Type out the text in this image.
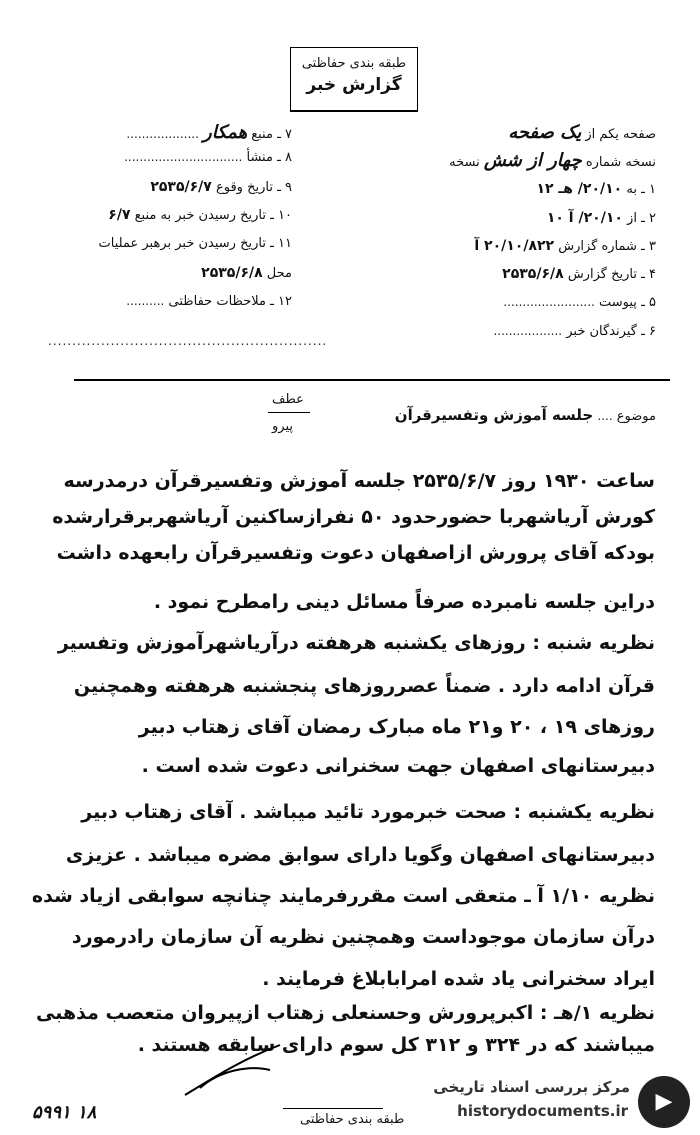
طبقه بندی حفاظتی
گزارش خبر
صفحه یکم از یک صفحه
نسخه شماره چهار از شش نسخه
۱ ـ به ۲۰/۱۰/ هـ ۱۲
۲ ـ از ۲۰/۱۰/ آ ۱۰
۳ ـ شماره گزارش ۲۰/۱۰/۸۲۲ آ
۴ ـ تاریخ گزارش ۲۵۳۵/۶/۸
۵ ـ پیوست ........................
۶ ـ گیرندگان خبر ..................
۷ ـ منبع همکار ...................
۸ ـ منشأ ...............................
۹ ـ تاریخ وقوع ۲۵۳۵/۶/۷
۱۰ ـ تاریخ رسیدن خبر به منبع ۶/۷
۱۱ ـ تاریخ رسیدن خبر برهبر عملیات
محل ۲۵۳۵/۶/۸
۱۲ ـ ملاحظات حفاظتی ..........
..........................................................
عطف
پیرو
موضوع .... جلسه آموزش وتفسیرقرآن
ساعت ۱۹۳۰ روز ۲۵۳۵/۶/۷ جلسه آموزش وتفسیرقرآن درمدرسه
کورش آریاشهربا حضورحدود ۵۰ نفرازساکنین آریاشهربرقرارشده
بودکه آقای پرورش ازاصفهان دعوت وتفسیرقرآن رابعهده داشت
دراین جلسه نامبرده صرفاً مسائل دینی رامطرح نمود .
نظریه شنبه : روزهای یکشنبه هرهفته درآریاشهرآموزش وتفسیر
قرآن ادامه دارد . ضمناً عصرروزهای پنجشنبه هرهفته وهمچنین
روزهای ۱۹ ، ۲۰ و۲۱ ماه مبارک رمضان آقای زهتاب دبیر
دبیرستانهای اصفهان جهت سخنرانی دعوت شده است .
نظریه یکشنبه : صحت خبرمورد تائید میباشد . آقای زهتاب دبیر
دبیرستانهای اصفهان وگویا دارای سوابق مضره میباشد . عزیزی
نظریه ۱/۱۰ آ ـ متعقی است مقررفرمایند چنانچه سوابقی ازیاد شده
درآن سازمان موجوداست وهمچنین نظریه آن سازمان رادرمورد
ایراد سخنرانی یاد شده امرابابلاغ فرمایند .
نظریه ۱/هـ : اکبرپرورش وحسنعلی زهتاب ازپیروان متعصب مذهبی
میباشند که در ۳۲۴ و ۳۱۲ کل سوم دارای سابقه هستند .
طبقه بندی حفاظتی
۵۹۹۱ ۱۸	▶
مرکز بررسی اسناد تاریخی
historydocuments.ir
